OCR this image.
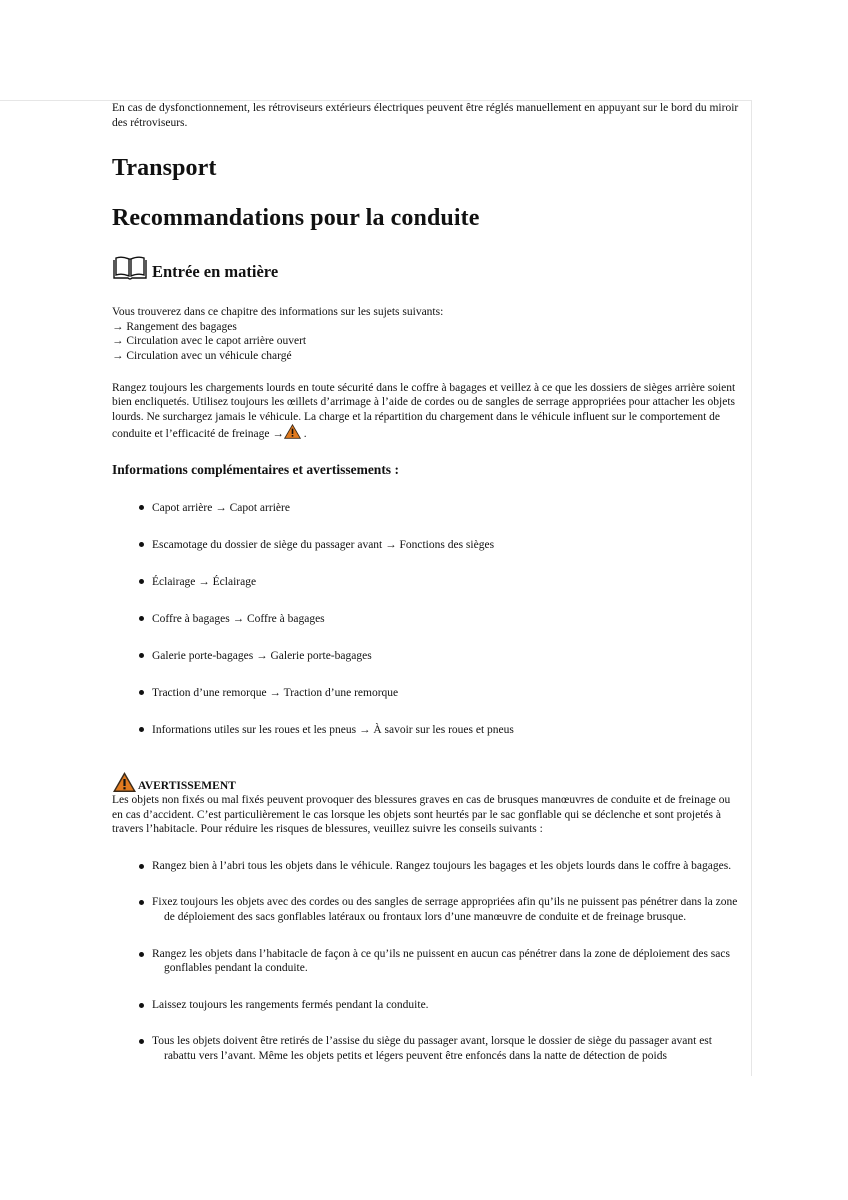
En cas de dysfonctionnement, les rétroviseurs extérieurs électriques peuvent être réglés manuellement en appuyant sur le bord du miroir des rétroviseurs.

Transport
Recommandations pour la conduite
Entrée en matière

Vous trouverez dans ce chapitre des informations sur les sujets suivants:

→ Rangement des bagages
→ Circulation avec le capot arrière ouvert
→ Circulation avec un véhicule chargé

Rangez toujours les chargements lourds en toute sécurité dans le coffre à bagages et veillez à ce que les dossiers de sièges arrière soient bien encliquetés. Utilisez toujours les œillets d’arrimage à l’aide de cordes ou de sangles de serrage appropriées pour attacher les objets lourds. Ne surchargez jamais le véhicule. La charge et la répartition du chargement dans le véhicule influent sur le comportement de conduite et l’efficacité de freinage → .

Informations complémentaires et avertissements :
Capot arrière → Capot arrière
Escamotage du dossier de siège du passager avant → Fonctions des sièges
Éclairage → Éclairage
Coffre à bagages → Coffre à bagages
Galerie porte-bagages → Galerie porte-bagages
Traction d’une remorque → Traction d’une remorque
Informations utiles sur les roues et les pneus → À savoir sur les roues et pneus
AVERTISSEMENT

Les objets non fixés ou mal fixés peuvent provoquer des blessures graves en cas de brusques manœuvres de conduite et de freinage ou en cas d’accident. C’est particulièrement le cas lorsque les objets sont heurtés par le sac gonflable qui se déclenche et sont projetés à travers l’habitacle. Pour réduire les risques de blessures, veuillez suivre les conseils suivants :

Rangez bien à l’abri tous les objets dans le véhicule. Rangez toujours les bagages et les objets lourds dans le coffre à bagages.
Fixez toujours les objets avec des cordes ou des sangles de serrage appropriées afin qu’ils ne puissent pas pénétrer dans la zone de déploiement des sacs gonflables latéraux ou frontaux lors d’une manœuvre de conduite et de freinage brusque.
Rangez les objets dans l’habitacle de façon à ce qu’ils ne puissent en aucun cas pénétrer dans la zone de déploiement des sacs gonflables pendant la conduite.
Laissez toujours les rangements fermés pendant la conduite.
Tous les objets doivent être retirés de l’assise du siège du passager avant, lorsque le dossier de siège du passager avant est rabattu vers l’avant. Même les objets petits et légers peuvent être enfoncés dans la natte de détection de poids
